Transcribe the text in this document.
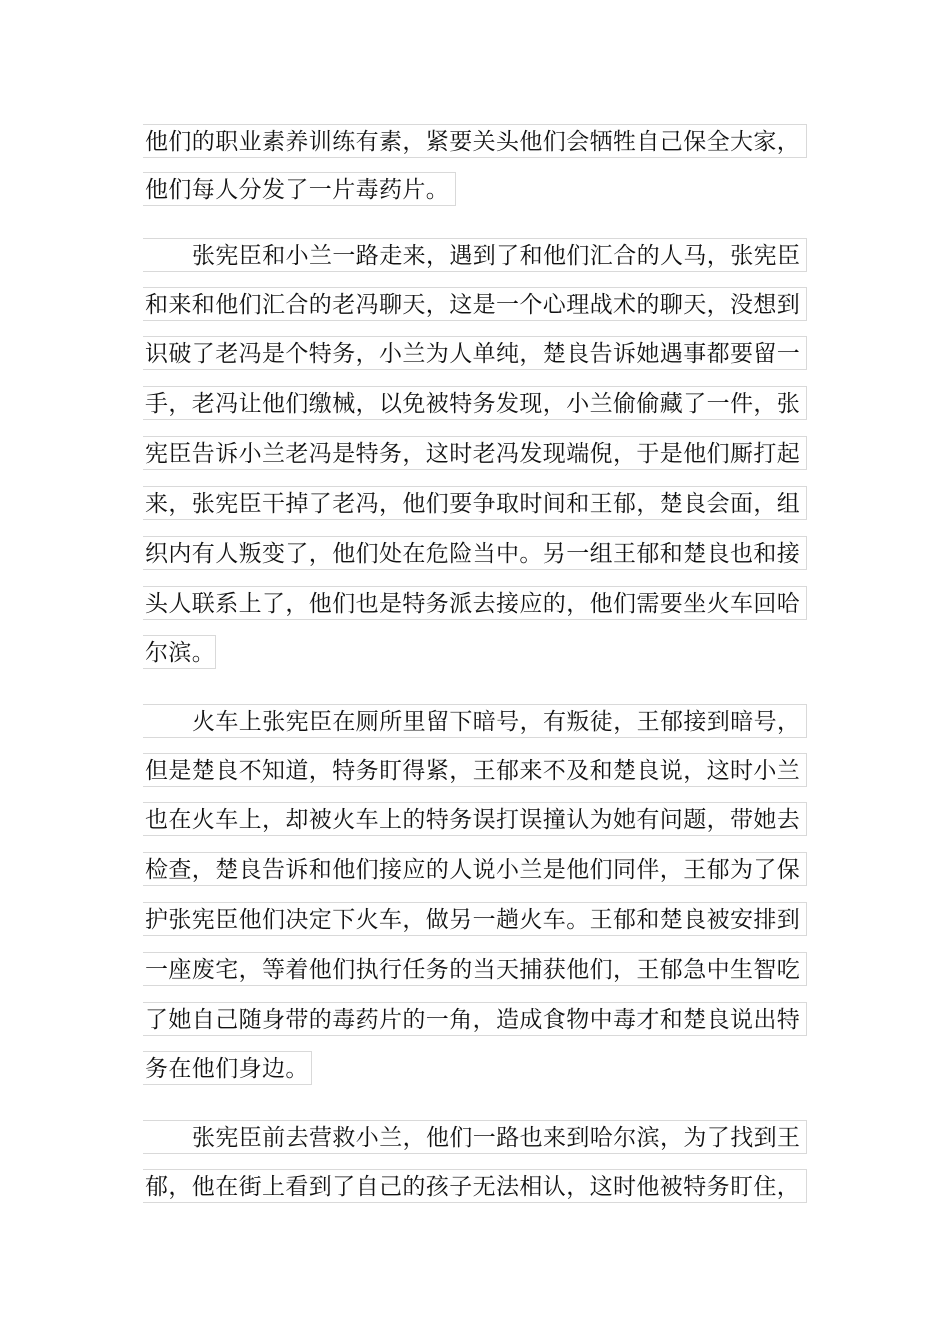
他们的职业素养训练有素，紧要关头他们会牺牲自己保全大家，
他们每人分发了一片毒药片。
张宪臣和小兰一路走来，遇到了和他们汇合的人马，张宪臣
和来和他们汇合的老冯聊天，这是一个心理战术的聊天，没想到
识破了老冯是个特务，小兰为人单纯，楚良告诉她遇事都要留一
手，老冯让他们缴械，以免被特务发现，小兰偷偷藏了一件，张
宪臣告诉小兰老冯是特务，这时老冯发现端倪，于是他们厮打起
来，张宪臣干掉了老冯，他们要争取时间和王郁，楚良会面，组
织内有人叛变了，他们处在危险当中。另一组王郁和楚良也和接
头人联系上了，他们也是特务派去接应的，他们需要坐火车回哈
尔滨。
火车上张宪臣在厕所里留下暗号，有叛徒，王郁接到暗号，
但是楚良不知道，特务盯得紧，王郁来不及和楚良说，这时小兰
也在火车上，却被火车上的特务误打误撞认为她有问题，带她去
检查，楚良告诉和他们接应的人说小兰是他们同伴，王郁为了保
护张宪臣他们决定下火车，做另一趟火车。王郁和楚良被安排到
一座废宅，等着他们执行任务的当天捕获他们，王郁急中生智吃
了她自己随身带的毒药片的一角，造成食物中毒才和楚良说出特
务在他们身边。
张宪臣前去营救小兰，他们一路也来到哈尔滨，为了找到王
郁，他在街上看到了自己的孩子无法相认，这时他被特务盯住，
